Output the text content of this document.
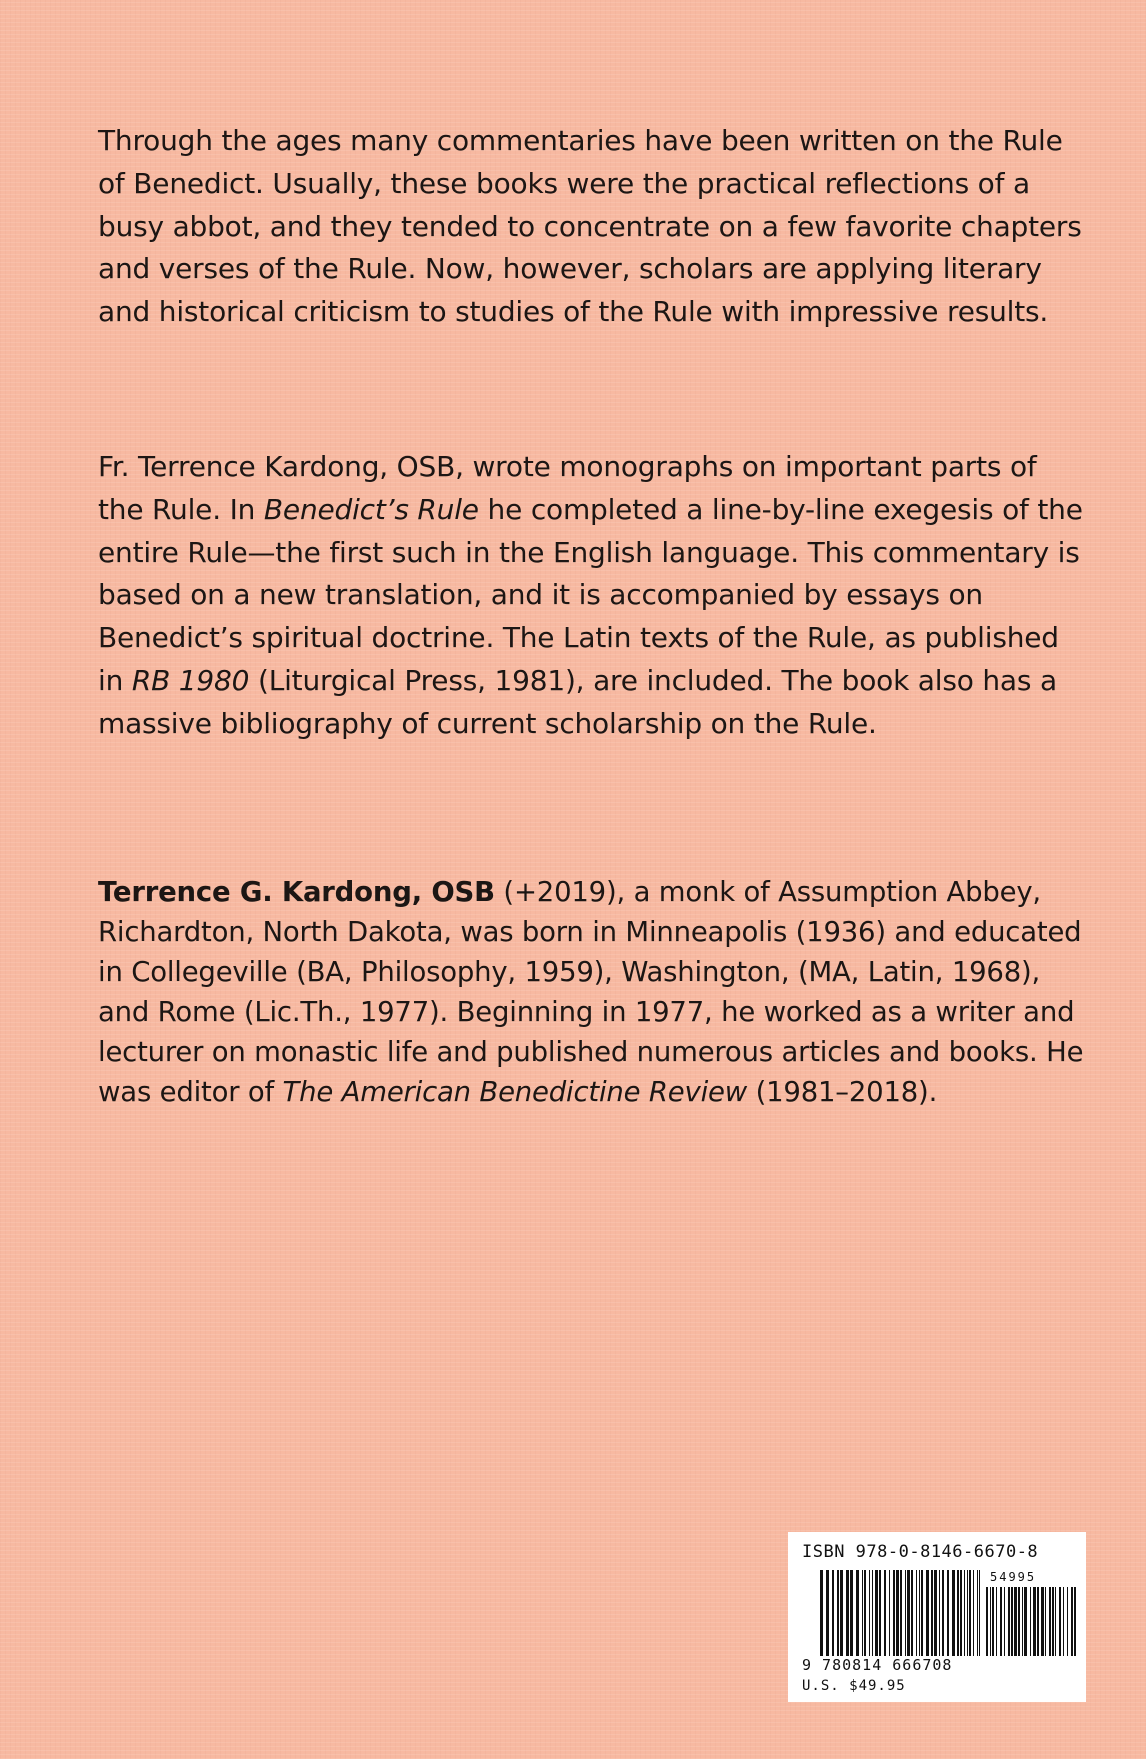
Through the ages many commentaries have been written on the Rule of Benedict. Usually, these books were the practical reflections of a busy abbot, and they tended to concentrate on a few favorite chapters and verses of the Rule. Now, however, scholars are applying literary and historical criticism to studies of the Rule with impressive results.

Fr. Terrence Kardong, OSB, wrote monographs on important parts of the Rule. In Benedict’s Rule he completed a line-by-line exegesis of the entire Rule—the first such in the English language. This commentary is based on a new translation, and it is accompanied by essays on Benedict’s spiritual doctrine. The Latin texts of the Rule, as published in RB 1980 (Liturgical Press, 1981), are included. The book also has a massive bibliography of current scholarship on the Rule.

Terrence G. Kardong, OSB (+2019), a monk of Assumption Abbey, Richardton, North Dakota, was born in Minneapolis (1936) and educated in Collegeville (BA, Philosophy, 1959), Washington, (MA, Latin, 1968), and Rome (Lic.Th., 1977). Beginning in 1977, he worked as a writer and lecturer on monastic life and published numerous articles and books. He was editor of The American Benedictine Review (1981–2018).

ISBN 978-0-8146-6670-8
54995
9 780814 666708
U.S. $49.95
